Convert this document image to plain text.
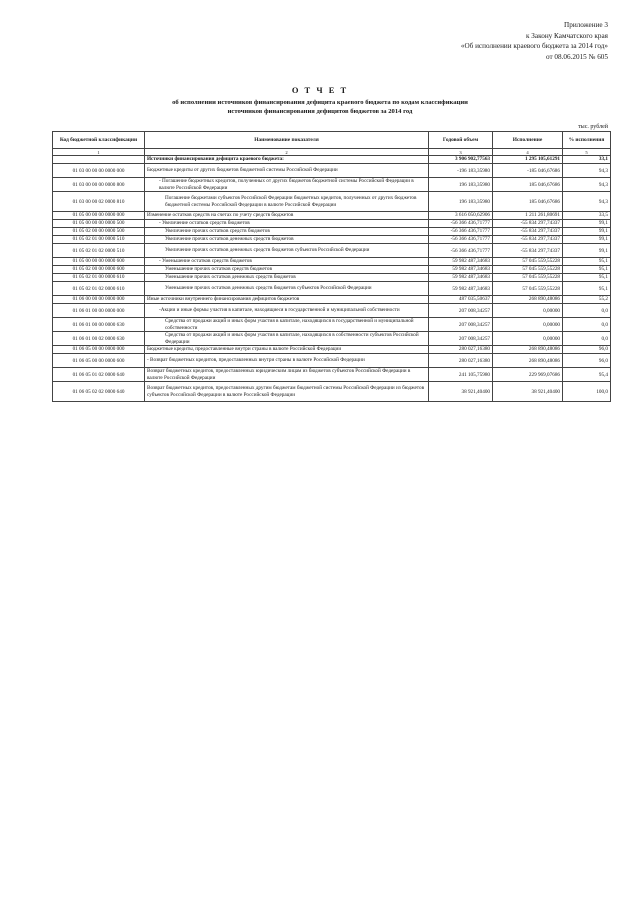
Приложение 3
к Закону Камчатского края
«Об исполнении краевого бюджета за 2014 год»
от 08.06.2015 № 605
О Т Ч Е Т
об исполнении источников финансирования дефицита краевого бюджета по кодам классификации
источников финансирования дефицитов бюджетов за 2014 год
тыс. рублей
Код бюджетной классификации	Наименование показателя	Годовой объем	Исполнение	% исполнения
1	2	3	4	5
	Источники финансирования дефицита краевого бюджета:	3 906 902,77563	1 295 105,61291	33,1
01 03 00 00 00 0000 000	Бюджетные кредиты от других бюджетов бюджетной системы Российской Федерации	-196 183,35980	-185 046,67686	94,3
01 03 00 00 00 0000 800	- Погашение бюджетных кредитов, полученных от других бюджетов бюджетной системы Российской Федерации в валюте Российской Федерации	196 183,35980	185 046,67686	94,3
01 03 00 00 02 0000 810	Погашение бюджетами субъектов Российской Федерации бюджетных кредитов, полученных от других бюджетов бюджетной системы Российской Федерации в валюте Российской Федерации	196 183,35980	185 046,67686	94,3
01 05 00 00 00 0000 000	Изменение остатков средств на счетах по учету средств бюджетов	3 616 050,62906	1 211 261,80691	33,5
01 05 00 00 00 0000 500	- Увеличение остатков средств бюджетов	-56 366 436,71777	-55 834 297,74337	99,1
01 05 02 00 00 0000 500	Увеличение прочих остатков средств бюджетов	-56 366 436,71777	-55 834 297,74337	99,1
01 05 02 01 00 0000 510	Увеличение прочих остатков денежных средств бюджетов	-56 366 436,71777	-55 834 297,74337	99,1
01 05 02 01 02 0000 510	Увеличение прочих остатков денежных средств бюджетов субъектов Российской Федерации	-56 366 436,71777	-55 834 297,74337	99,1
01 05 00 00 00 0000 600	- Уменьшение остатков средств бюджетов	59 982 487,34683	57 045 559,55228	95,1
01 05 02 00 00 0000 600	Уменьшение прочих остатков средств бюджетов	59 982 487,34683	57 045 559,55228	95,1
01 05 02 01 00 0000 610	Уменьшение прочих остатков денежных средств бюджетов	59 982 487,34683	57 045 559,55228	95,1
01 05 02 01 02 0000 610	Уменьшение прочих остатков денежных средств бюджетов субъектов Российской Федерации	59 982 487,34683	57 045 559,55228	95,1
01 06 00 00 00 0000 000	Иные источники внутреннего финансирования дефицитов бюджетов	487 035,50637	268 890,48086	55,2
01 06 01 00 00 0000 000	-Акции и иные формы участия в капитале, находящиеся в государственной и муниципальной собственности	207 008,34257	0,00000	0,0
01 06 01 00 00 0000 630	Средства от продажи акций и иных форм участия в капитале, находящихся в государственной и муниципальной собственности	207 008,34257	0,00000	0,0
01 06 01 00 02 0000 630	Средства от продажи акций и иных форм участия в капитале, находящихся в собственности субъектов Российской Федерации	207 008,34257	0,00000	0,0
01 06 05 00 00 0000 000	Бюджетные кредиты, предоставленные внутри страны в валюте Российской Федерации	280 027,16380	268 890,48086	96,0
01 06 05 00 00 0000 600	- Возврат бюджетных кредитов, предоставленных внутри страны в валюте Российской Федерации	280 027,16380	268 890,48086	96,0
01 06 05 01 02 0000 640	Возврат бюджетных кредитов, предоставленных юридическим лицам из бюджетов субъектов Российской Федерации в валюте Российской Федерации	241 105,75980	229 969,07686	95,4
01 06 05 02 02 0000 640	Возврат бюджетных кредитов, предоставленных другим бюджетам бюджетной системы Российской Федерации из бюджетов субъектов Российской Федерации в валюте Российской Федерации	38 921,40400	38 921,40400	100,0
